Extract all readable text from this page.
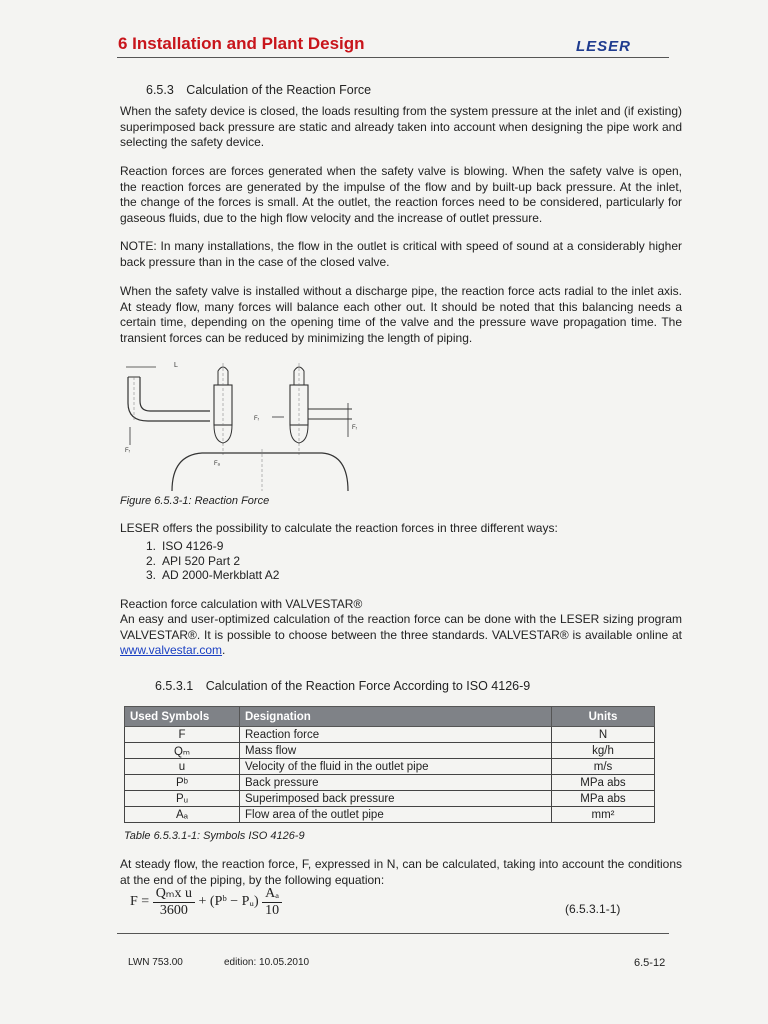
6 Installation and Plant Design	LESER
6.5.3 Calculation of the Reaction Force
When the safety device is closed, the loads resulting from the system pressure at the inlet and (if existing) superimposed back pressure are static and already taken into account when designing the pipe work and selecting the safety device.
Reaction forces are forces generated when the safety valve is blowing. When the safety valve is open, the reaction forces are generated by the impulse of the flow and by built-up back pressure. At the inlet, the change of the forces is small. At the outlet, the reaction forces need to be considered, particularly for gaseous fluids, due to the high flow velocity and the increase of outlet pressure.
NOTE: In many installations, the flow in the outlet is critical with speed of sound at a considerably higher back pressure than in the case of the closed valve.
When the safety valve is installed without a discharge pipe, the reaction force acts radial to the inlet axis. At steady flow, many forces will balance each other out. It should be noted that this balancing needs a certain time, depending on the opening time of the valve and the pressure wave propagation time. The transient forces can be reduced by minimizing the length of piping.
L
Fᵣ
Fₐ
Fᵣ
Fᵣ
Figure 6.5.3-1: Reaction Force
LESER offers the possibility to calculate the reaction forces in three different ways:
1. ISO 4126-9
2. API 520 Part 2
3. AD 2000-Merkblatt A2
Reaction force calculation with VALVESTAR®
An easy and user-optimized calculation of the reaction force can be done with the LESER sizing program VALVESTAR®. It is possible to choose between the three standards. VALVESTAR® is available online at www.valvestar.com.
6.5.3.1 Calculation of the Reaction Force According to ISO 4126-9
Used Symbols	Designation	Units
F	Reaction force	N
Qₘ	Mass flow	kg/h
u	Velocity of the fluid in the outlet pipe	m/s
Pᵇ	Back pressure	MPa abs
Pᵤ	Superimposed back pressure	MPa abs
Aₐ	Flow area of the outlet pipe	mm²
Table 6.5.3.1-1: Symbols ISO 4126-9
At steady flow, the reaction force, F, expressed in N, can be calculated, taking into account the conditions at the end of the piping, by the following equation:
$F = \frac{\text{Qₘx u}}{3600}$ + (Pᵇ − Pᵤ) $\frac{\text{Aₐ}}{10}$	(6.5.3.1-1)
LWN 753.00	edition: 10.05.2010	6.5-12
